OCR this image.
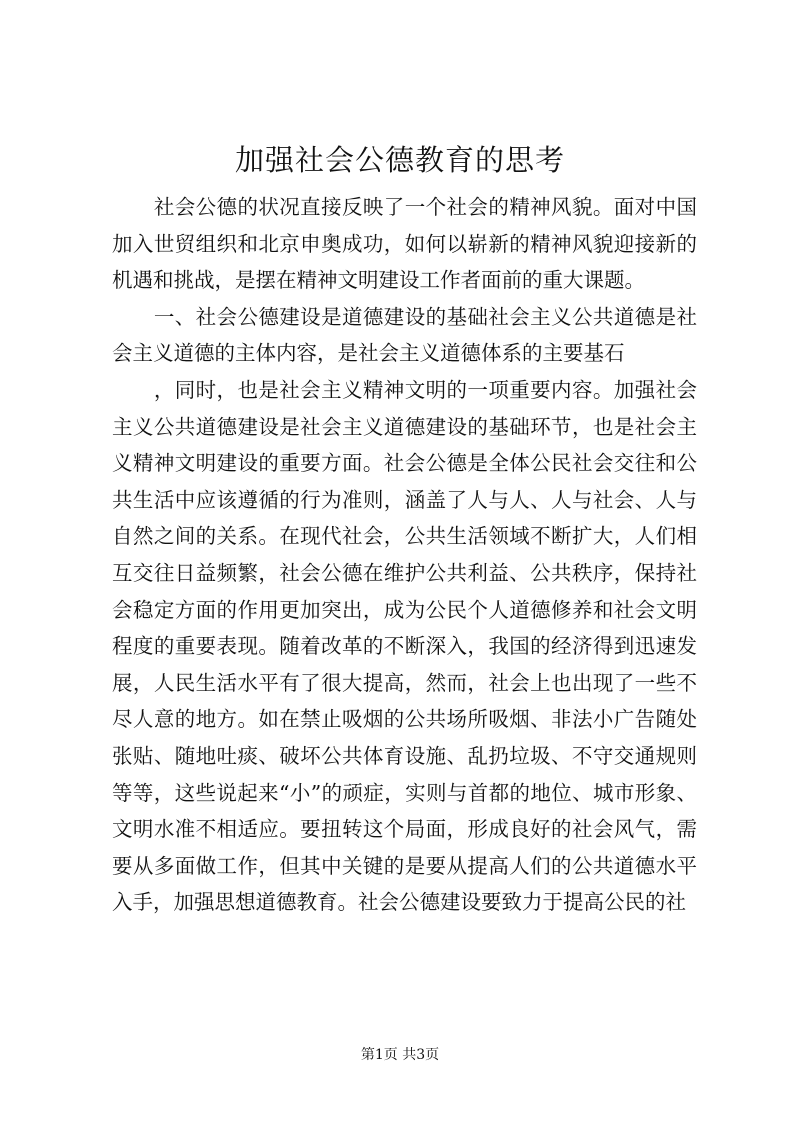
加强社会公德教育的思考

　　社会公德的状况直接反映了一个社会的精神风貌。面对中国加入世贸组织和北京申奥成功，如何以崭新的精神风貌迎接新的机遇和挑战，是摆在精神文明建设工作者面前的重大课题。

　　一、社会公德建设是道德建设的基础社会主义公共道德是社会主义道德的主体内容，是社会主义道德体系的主要基石

　　，同时，也是社会主义精神文明的一项重要内容。加强社会主义公共道德建设是社会主义道德建设的基础环节，也是社会主义精神文明建设的重要方面。社会公德是全体公民社会交往和公共生活中应该遵循的行为准则，涵盖了人与人、人与社会、人与自然之间的关系。在现代社会，公共生活领域不断扩大，人们相互交往日益频繁，社会公德在维护公共利益、公共秩序，保持社会稳定方面的作用更加突出，成为公民个人道德修养和社会文明程度的重要表现。随着改革的不断深入，我国的经济得到迅速发展，人民生活水平有了很大提高，然而，社会上也出现了一些不尽人意的地方。如在禁止吸烟的公共场所吸烟、非法小广告随处张贴、随地吐痰、破坏公共体育设施、乱扔垃圾、不守交通规则等等，这些说起来“小”的顽症，实则与首都的地位、城市形象、文明水准不相适应。要扭转这个局面，形成良好的社会风气，需要从多面做工作，但其中关键的是要从提高人们的公共道德水平入手，加强思想道德教育。社会公德建设要致力于提高公民的社

第1页 共3页
